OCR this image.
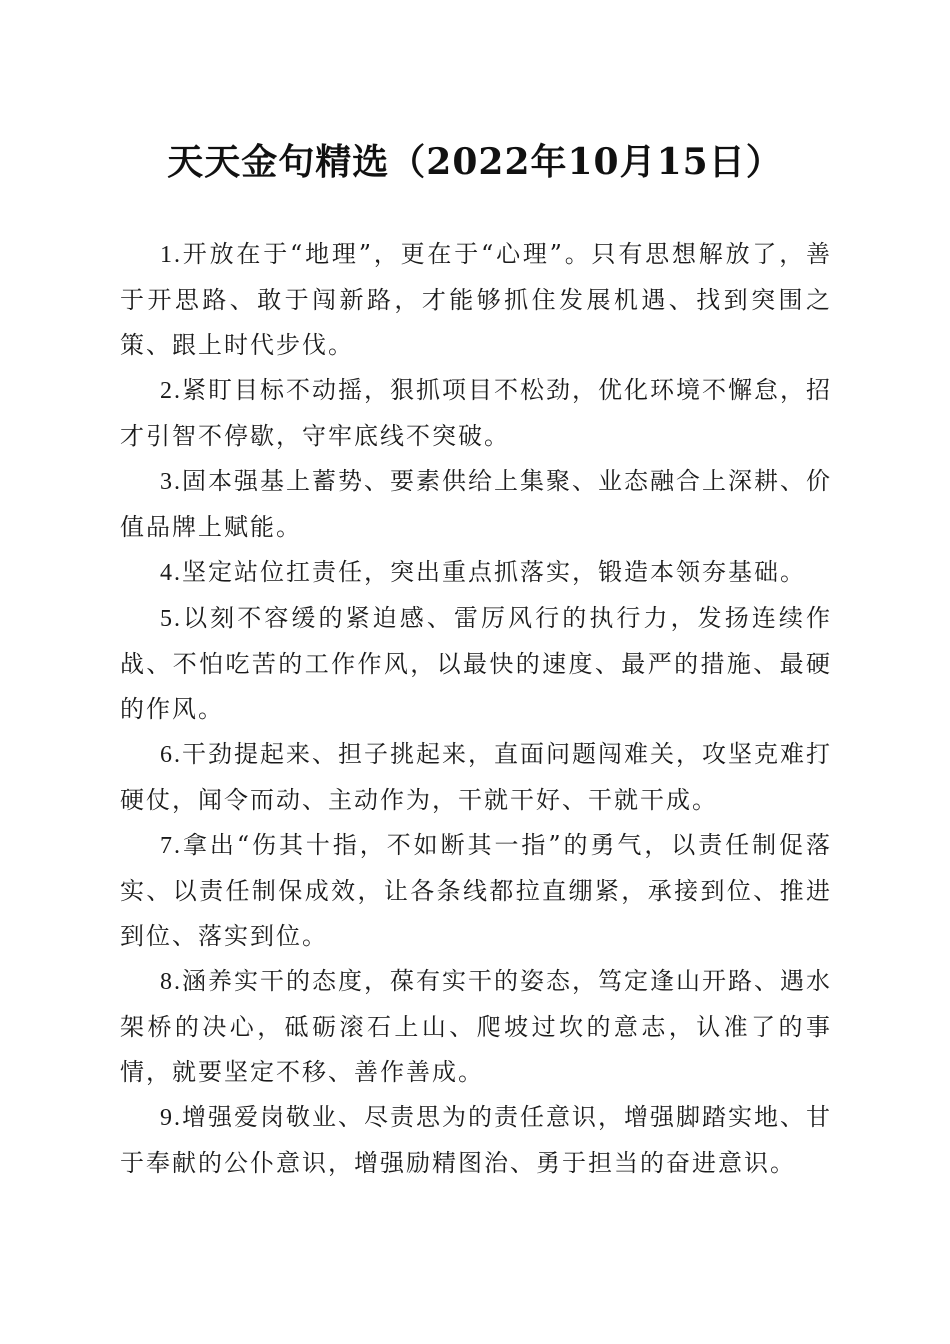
天天金句精选（2022年10月15日）

1.开放在于“地理”，更在于“心理”。只有思想解放了，善于开思路、敢于闯新路，才能够抓住发展机遇、找到突围之策、跟上时代步伐。

2.紧盯目标不动摇，狠抓项目不松劲，优化环境不懈怠，招才引智不停歇，守牢底线不突破。

3.固本强基上蓄势、要素供给上集聚、业态融合上深耕、价值品牌上赋能。

4.坚定站位扛责任，突出重点抓落实，锻造本领夯基础。

5.以刻不容缓的紧迫感、雷厉风行的执行力，发扬连续作战、不怕吃苦的工作作风，以最快的速度、最严的措施、最硬的作风。

6.干劲提起来、担子挑起来，直面问题闯难关，攻坚克难打硬仗，闻令而动、主动作为，干就干好、干就干成。

7.拿出“伤其十指，不如断其一指”的勇气，以责任制促落实、以责任制保成效，让各条线都拉直绷紧，承接到位、推进到位、落实到位。

8.涵养实干的态度，葆有实干的姿态，笃定逢山开路、遇水架桥的决心，砥砺滚石上山、爬坡过坎的意志，认准了的事情，就要坚定不移、善作善成。

9.增强爱岗敬业、尽责思为的责任意识，增强脚踏实地、甘于奉献的公仆意识，增强励精图治、勇于担当的奋进意识。
